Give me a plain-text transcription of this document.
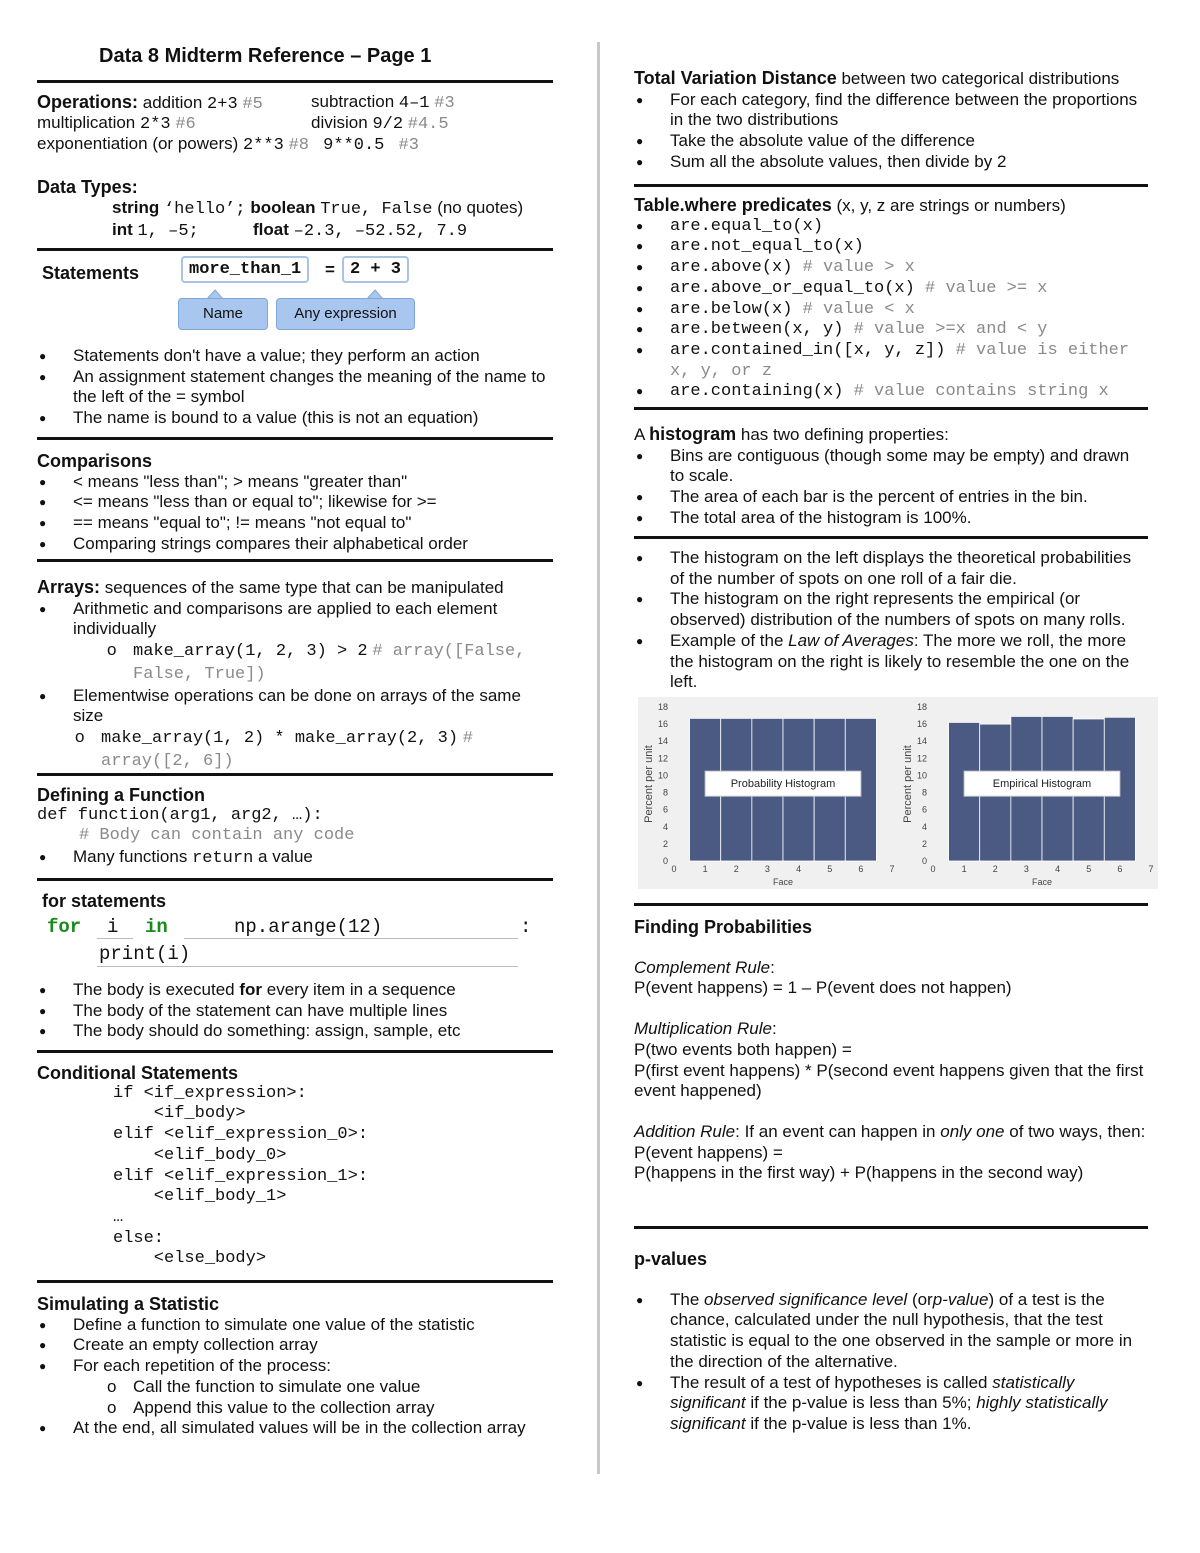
Data 8 Midterm Reference – Page 1
Operations: addition 2+3 #5	subtraction 4–1 #3
multiplication 2*3 #6	division 9/2 #4.5
exponentiation (or powers) 2**3 #8 9**0.5 #3
Data Types:
string ‘hello’; boolean True, False (no quotes)
int 1, –5;	float –2.3, –52.52, 7.9
Statements	more_than_1	= 2 + 3
Name	Any expression
● Statements don't have a value; they perform an action
● An assignment statement changes the meaning of the name to the left of the = symbol
● The name is bound to a value (this is not an equation)
Comparisons
● < means "less than"; > means "greater than"
● <= means "less than or equal to"; likewise for >=
● == means "equal to"; != means "not equal to"
● Comparing strings compares their alphabetical order
Arrays: sequences of the same type that can be manipulated
● Arithmetic and comparisons are applied to each element individually
o make_array(1, 2, 3) > 2 # array([False, False, True])
● Elementwise operations can be done on arrays of the same size
o make_array(1, 2) * make_array(2, 3) # array([2, 6])
Defining a Function
def function(arg1, arg2, …):
# Body can contain any code
● Many functions return a value
for statements
for i in	np.arange(12)	:
print(i)
● The body is executed for every item in a sequence
● The body of the statement can have multiple lines
● The body should do something: assign, sample, etc
Conditional Statements
if <if_expression>:
<if_body>
elif <elif_expression_0>:
<elif_body_0>
elif <elif_expression_1>:
<elif_body_1>
…
else:
<else_body>
Simulating a Statistic
● Define a function to simulate one value of the statistic
● Create an empty collection array
● For each repetition of the process:
o Call the function to simulate one value
o Append this value to the collection array
● At the end, all simulated values will be in the collection array
Total Variation Distance between two categorical distributions
● For each category, find the difference between the proportions in the two distributions
● Take the absolute value of the difference
● Sum all the absolute values, then divide by 2
Table.where predicates (x, y, z are strings or numbers)
● are.equal_to(x)
● are.not_equal_to(x)
● are.above(x) # value > x
● are.above_or_equal_to(x) # value >= x
● are.below(x) # value < x
● are.between(x, y) # value >=x and < y
● are.contained_in([x, y, z]) # value is either x, y, or z
● are.containing(x) # value contains string x
A histogram has two defining properties:
● Bins are contiguous (though some may be empty) and drawn to scale.
● The area of each bar is the percent of entries in the bin.
● The total area of the histogram is 100%.
● The histogram on the left displays the theoretical probabilities of the number of spots on one roll of a fair die.
● The histogram on the right represents the empirical (or observed) distribution of the numbers of spots on many rolls.
● Example of the Law of Averages: The more we roll, the more the histogram on the right is likely to resemble the one on the left.
0
2
4
6
8
10
12
14
16
18
0	1	2	3	4	5	6	7
Face
Percent per unit	Probability Histogram
0
2
4
6
8
10
12
14
16
18
0	1	2	3	4	5	6	7
Face
Percent per unit	Empirical Histogram
Finding Probabilities
Complement Rule:
P(event happens) = 1 – P(event does not happen)
Multiplication Rule:
P(two events both happen) =
P(first event happens) * P(second event happens given that the first event happened)
Addition Rule: If an event can happen in only one of two ways, then:
P(event happens) =
P(happens in the first way) + P(happens in the second way)
p-values
● The observed significance level (orp-value) of a test is the chance, calculated under the null hypothesis, that the test statistic is equal to the one observed in the sample or more in the direction of the alternative.
● The result of a test of hypotheses is called statistically significant if the p-value is less than 5%; highly statistically significant if the p-value is less than 1%.
